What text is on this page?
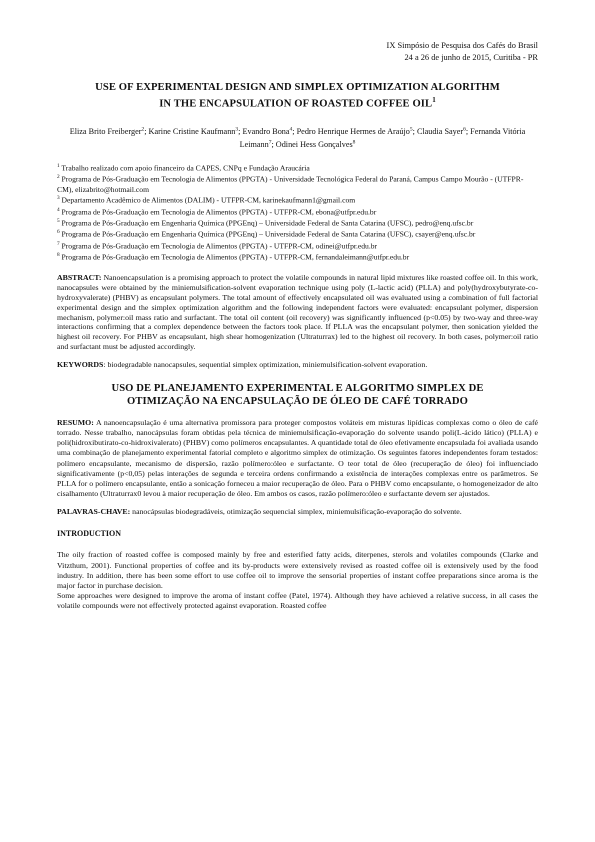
IX Simpósio de Pesquisa dos Cafés do Brasil
24 a 26 de junho de 2015, Curitiba - PR
USE OF EXPERIMENTAL DESIGN AND SIMPLEX OPTIMIZATION ALGORITHM
IN THE ENCAPSULATION OF ROASTED COFFEE OIL$^1$
Eliza Brito Freiberger$^2$; Karine Cristine Kaufmann$^3$; Evandro Bona$^4$; Pedro Henrique Hermes de Araújo$^5$; Claudia Sayer$^6$; Fernanda Vitória Leimann$^7$; Odinei Hess Gonçalves$^8$
$^1$ Trabalho realizado com apoio financeiro da CAPES, CNPq e Fundação Araucária
$^2$ Programa de Pós-Graduação em Tecnologia de Alimentos (PPGTA) - Universidade Tecnológica Federal do Paraná, Campus Campo Mourão - (UTFPR-CM), elizabrito@hotmail.com
$^3$ Departamento Acadêmico de Alimentos (DALIM) - UTFPR-CM, karinekaufmann1@gmail.com
$^4$ Programa de Pós-Graduação em Tecnologia de Alimentos (PPGTA) - UTFPR-CM, ebona@utfpr.edu.br
$^5$ Programa de Pós-Graduação em Engenharia Química (PPGEnq) – Universidade Federal de Santa Catarina (UFSC), pedro@enq.ufsc.br
$^6$ Programa de Pós-Graduação em Engenharia Química (PPGEnq) – Universidade Federal de Santa Catarina (UFSC), csayer@enq.ufsc.br
$^7$ Programa de Pós-Graduação em Tecnologia de Alimentos (PPGTA) - UTFPR-CM, odinei@utfpr.edu.br
$^8$ Programa de Pós-Graduação em Tecnologia de Alimentos (PPGTA) - UTFPR-CM, fernandaleimann@utfpr.edu.br
ABSTRACT: Nanoencapsulation is a promising approach to protect the volatile compounds in natural lipid mixtures like roasted coffee oil. In this work, nanocapsules were obtained by the miniemulsification-solvent evaporation technique using poly (L-lactic acid) (PLLA) and poly(hydroxybutyrate-co-hydroxyvalerate) (PHBV) as encapsulant polymers. The total amount of effectively encapsulated oil was evaluated using a combination of full factorial experimental design and the simplex optimization algorithm and the following independent factors were evaluated: encapsulant polymer, dispersion mechanism, polymer:oil mass ratio and surfactant. The total oil content (oil recovery) was significantly influenced (p<0.05) by two-way and three-way interactions confirming that a complex dependence between the factors took place. If PLLA was the encapsulant polymer, then sonication yielded the highest oil recovery. For PHBV as encapsulant, high shear homogenization (Ultraturrax) led to the highest oil recovery. In both cases, polymer:oil ratio and surfactant must be adjusted accordingly.
KEYWORDS: biodegradable nanocapsules, sequential simplex optimization, miniemulsification-solvent evaporation.
USO DE PLANEJAMENTO EXPERIMENTAL E ALGORITMO SIMPLEX DE
OTIMIZAÇÃO NA ENCAPSULAÇÃO DE ÓLEO DE CAFÉ TORRADO
RESUMO: A nanoencapsulação é uma alternativa promissora para proteger compostos voláteis em misturas lipídicas complexas como o óleo de café torrado. Nesse trabalho, nanocápsulas foram obtidas pela técnica de miniemulsificação-evaporação do solvente usando poli(L-ácido lático) (PLLA) e poli(hidroxibutirato-co-hidroxivalerato) (PHBV) como polímeros encapsulantes. A quantidade total de óleo efetivamente encapsulada foi avaliada usando uma combinação de planejamento experimental fatorial completo e algoritmo simplex de otimização. Os seguintes fatores independentes foram testados: polímero encapsulante, mecanismo de dispersão, razão polímero:óleo e surfactante. O teor total de óleo (recuperação de óleo) foi influenciado significativamente (p<0,05) pelas interações de segunda e terceira ordens confirmando a existência de interações complexas entre os parâmetros. Se PLLA for o polímero encapsulante, então a sonicação forneceu a maior recuperação de óleo. Para o PHBV como encapsulante, o homogeneizador de alto cisalhamento (Ultraturrax0 levou à maior recuperação de óleo. Em ambos os casos, razão polímero:óleo e surfactante devem ser ajustados.
PALAVRAS-CHAVE: nanocápsulas biodegradáveis, otimização sequencial simplex, miniemulsificação-evaporação do solvente.
INTRODUCTION
The oily fraction of roasted coffee is composed mainly by free and esterified fatty acids, diterpenes, sterols and volatiles compounds (Clarke and Vitzthum, 2001). Functional properties of coffee and its by-products were extensively revised as roasted coffee oil is extensively used by the food industry. In addition, there has been some effort to use coffee oil to improve the sensorial properties of instant coffee preparations since aroma is the major factor in purchase decision.
Some approaches were designed to improve the aroma of instant coffee (Patel, 1974). Although they have achieved a relative success, in all cases the volatile compounds were not effectively protected against evaporation. Roasted coffee
